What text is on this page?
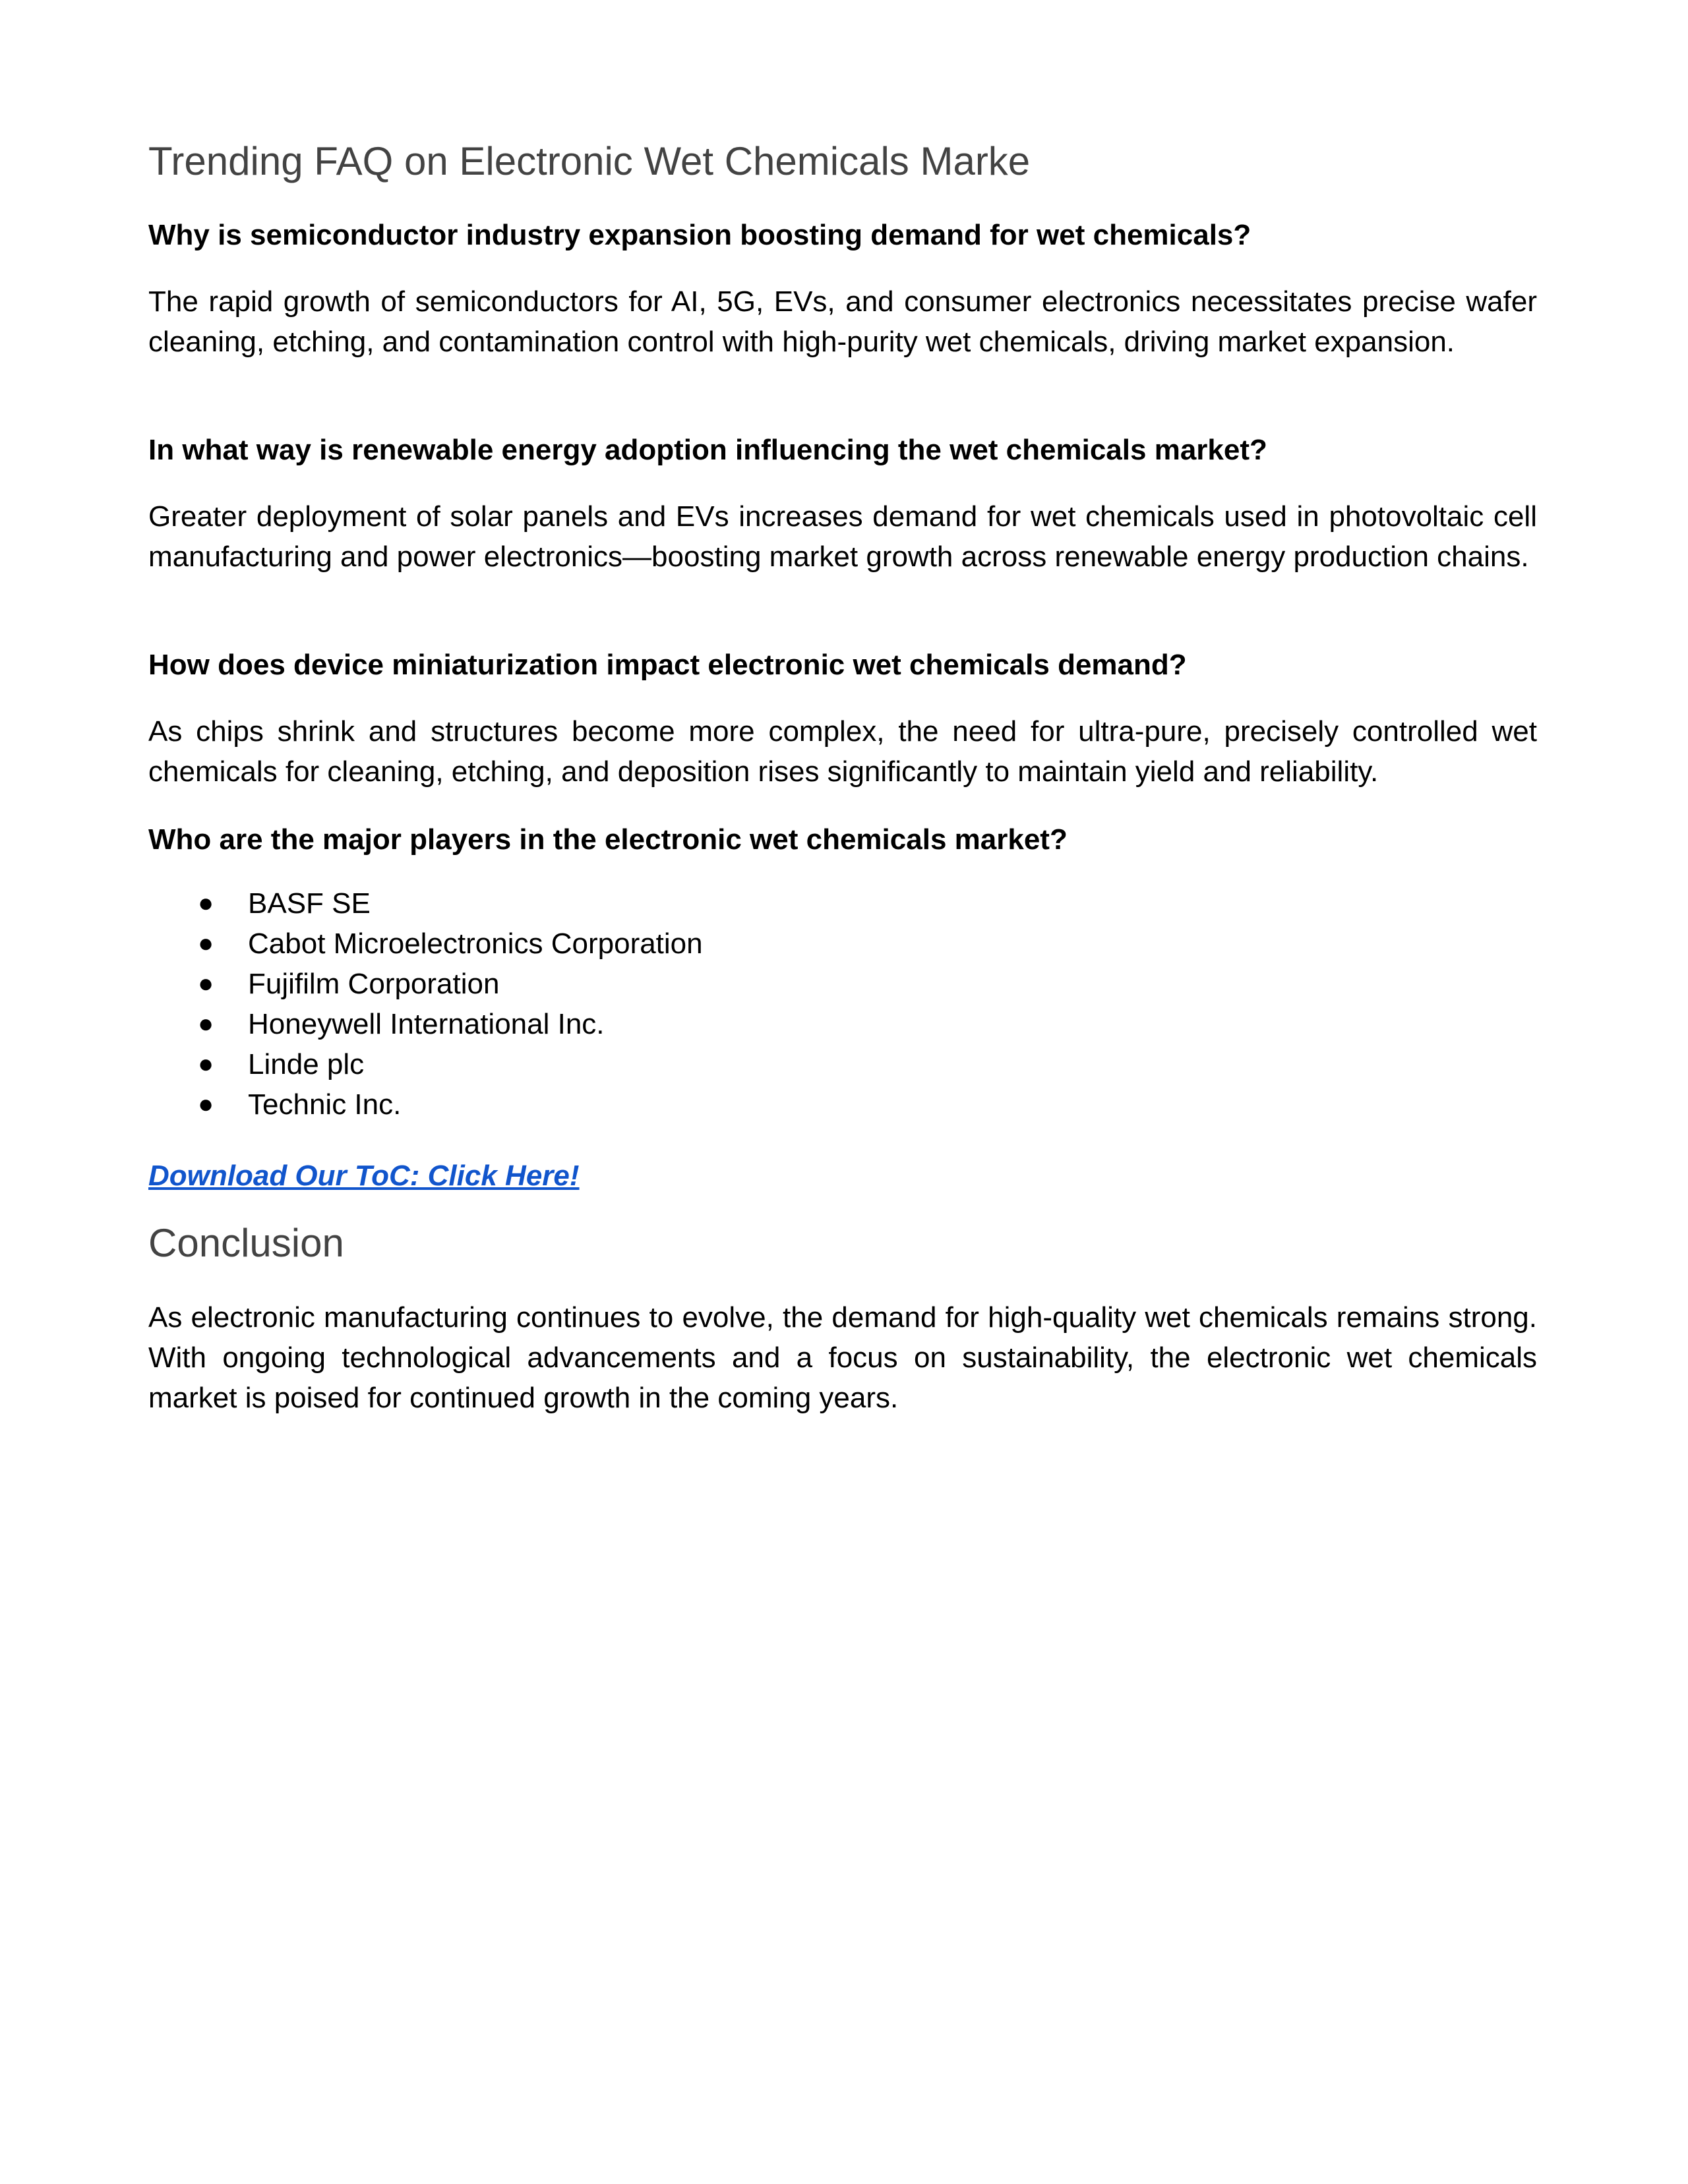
Trending FAQ on Electronic Wet Chemicals Marke

Why is semiconductor industry expansion boosting demand for wet chemicals?

The rapid growth of semiconductors for AI, 5G, EVs, and consumer electronics necessitates precise wafer cleaning, etching, and contamination control with high-purity wet chemicals, driving market expansion.

In what way is renewable energy adoption influencing the wet chemicals market?

Greater deployment of solar panels and EVs increases demand for wet chemicals used in photovoltaic cell manufacturing and power electronics—boosting market growth across renewable energy production chains.

How does device miniaturization impact electronic wet chemicals demand?

As chips shrink and structures become more complex, the need for ultra-pure, precisely controlled wet chemicals for cleaning, etching, and deposition rises significantly to maintain yield and reliability.

Who are the major players in the electronic wet chemicals market?

● BASF SE
● Cabot Microelectronics Corporation
● Fujifilm Corporation
● Honeywell International Inc.
● Linde plc
● Technic Inc.
Download Our ToC: Click Here!
Conclusion

As electronic manufacturing continues to evolve, the demand for high-quality wet chemicals remains strong. With ongoing technological advancements and a focus on sustainability, the electronic wet chemicals market is poised for continued growth in the coming years.
